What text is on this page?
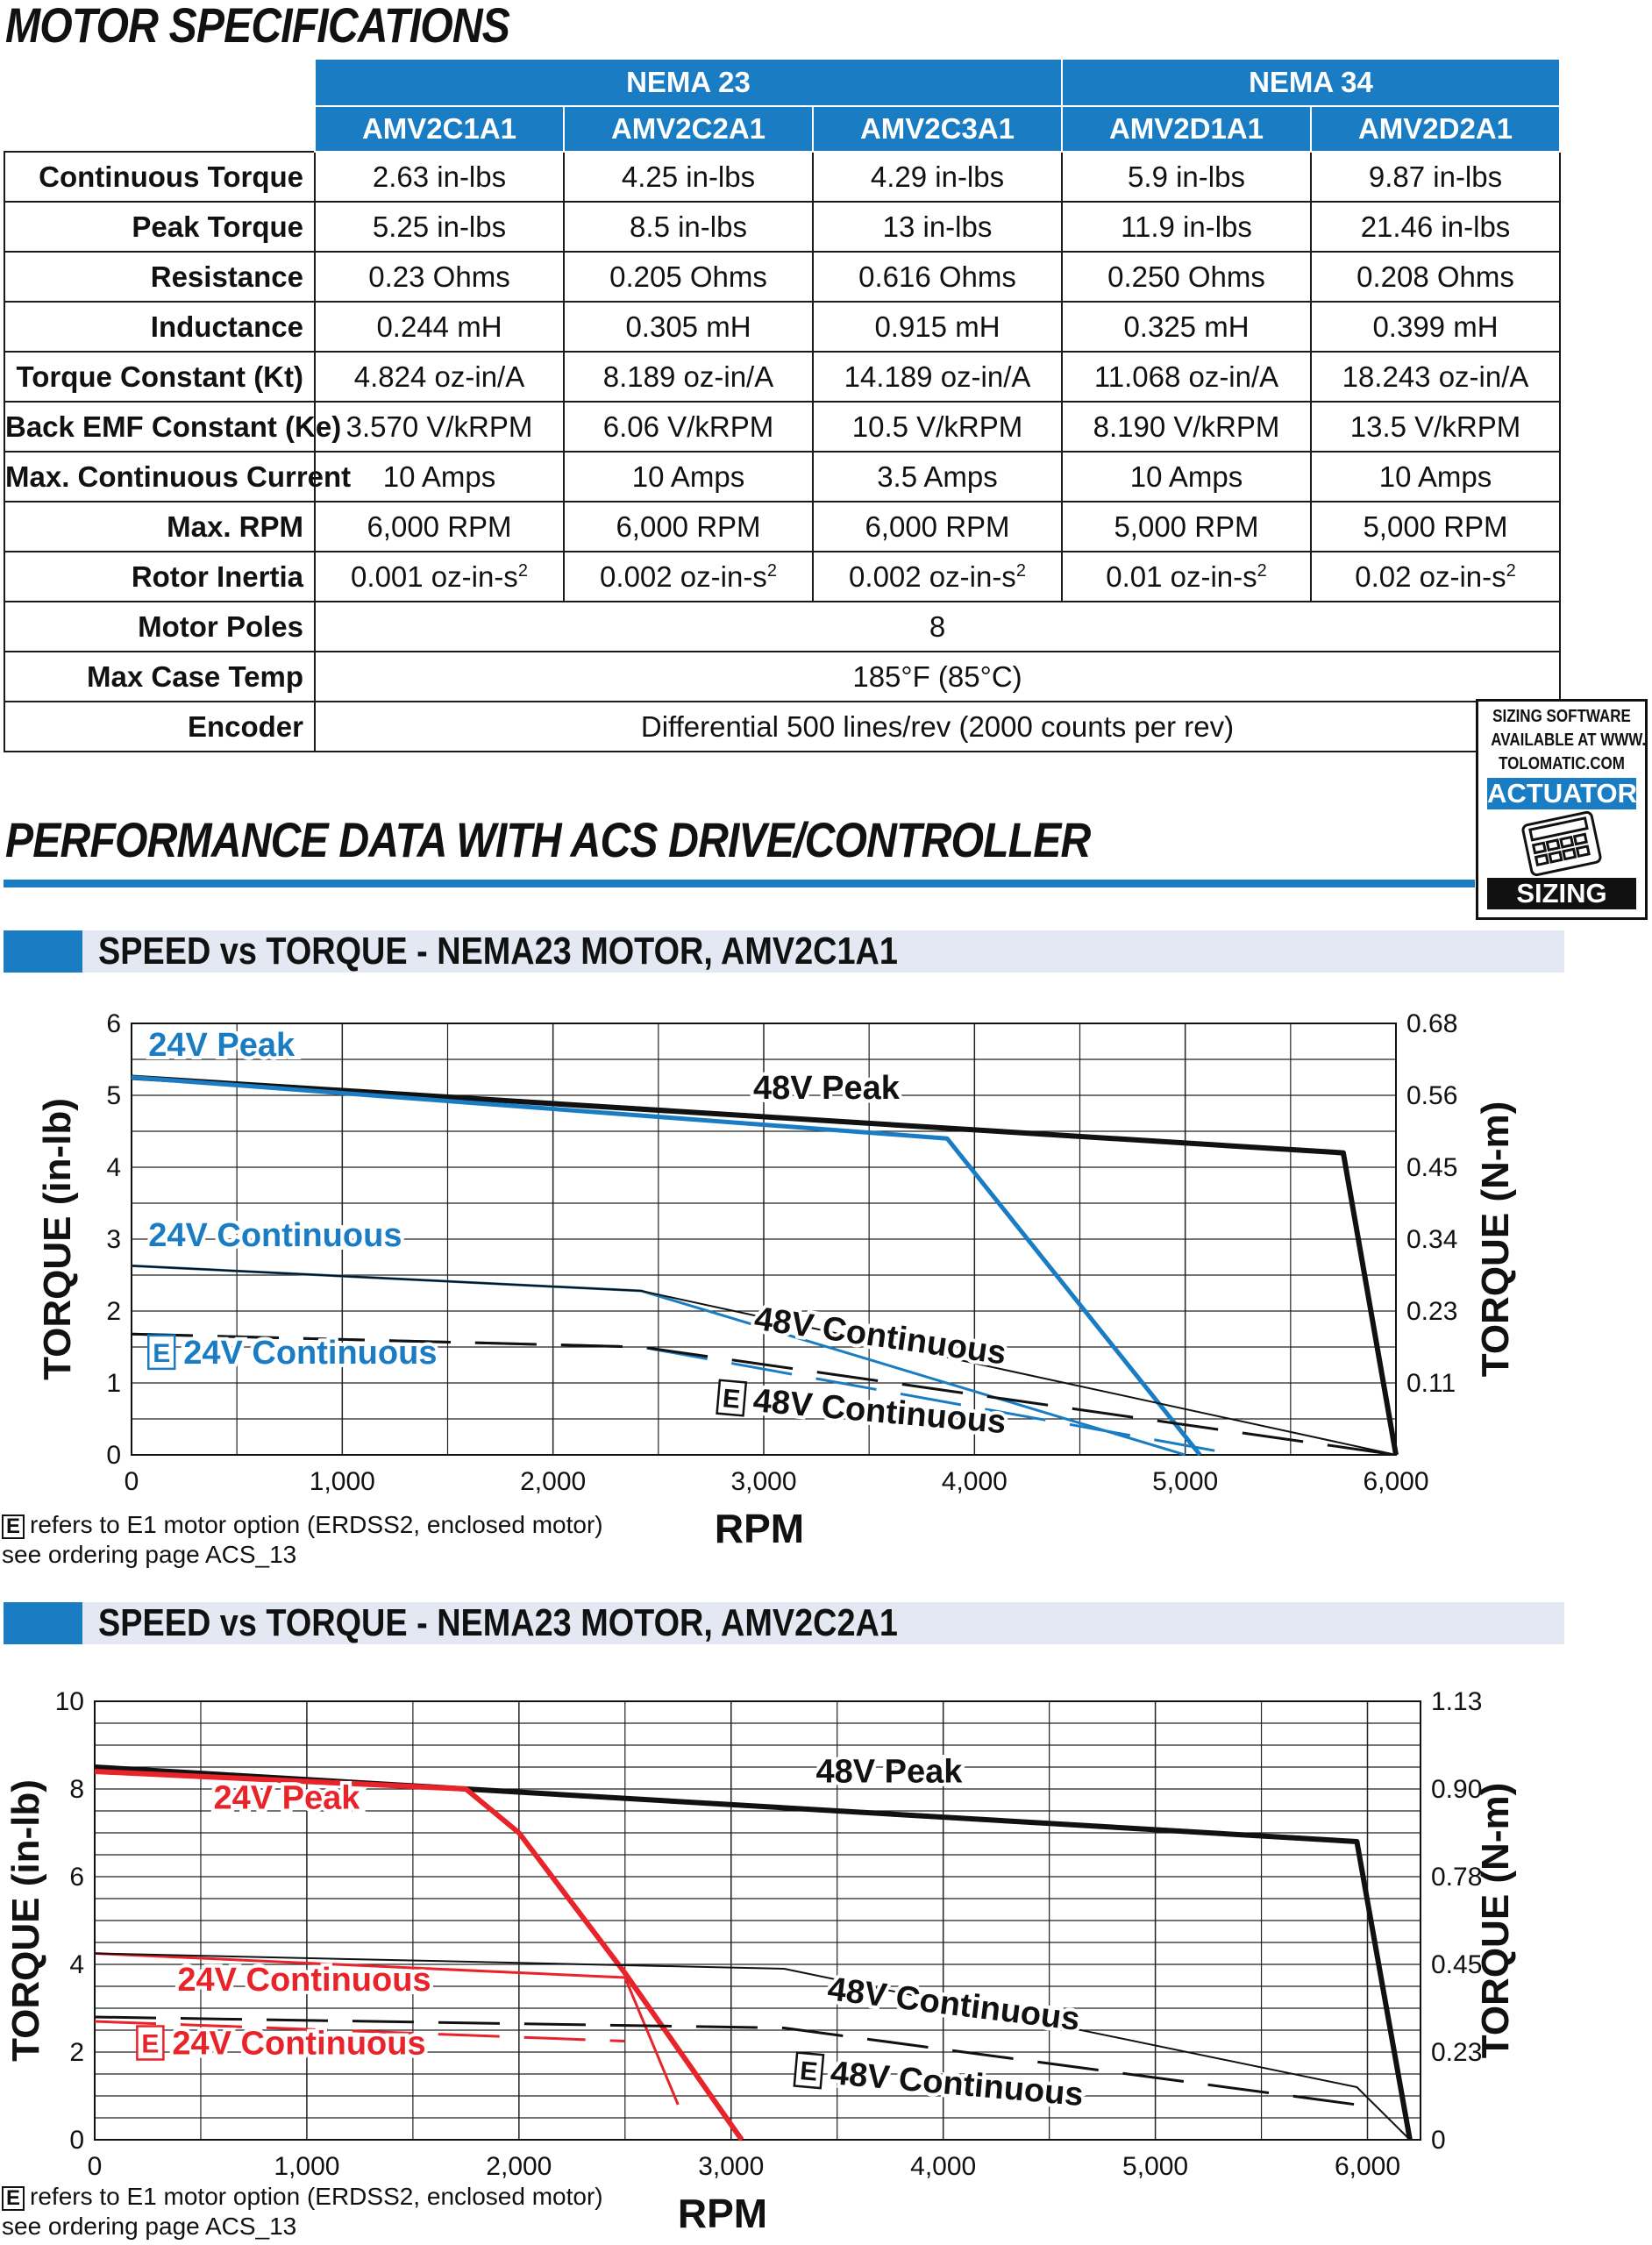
MOTOR SPECIFICATIONS
	NEMA 23			NEMA 34	
	AMV2C1A1	AMV2C2A1	AMV2C3A1	AMV2D1A1	AMV2D2A1
Continuous Torque	2.63 in-lbs	4.25 in-lbs	4.29 in-lbs	5.9 in-lbs	9.87 in-lbs
Peak Torque	5.25 in-lbs	8.5 in-lbs	13 in-lbs	11.9 in-lbs	21.46 in-lbs
Resistance	0.23 Ohms	0.205 Ohms	0.616 Ohms	0.250 Ohms	0.208 Ohms
Inductance	0.244 mH	0.305 mH	0.915 mH	0.325 mH	0.399 mH
Torque Constant (Kt)	4.824 oz-in/A	8.189 oz-in/A	14.189 oz-in/A	11.068 oz-in/A	18.243 oz-in/A
Back EMF Constant (Ke)	3.570 V/kRPM	6.06 V/kRPM	10.5 V/kRPM	8.190 V/kRPM	13.5 V/kRPM
Max. Continuous Current	10 Amps	10 Amps	3.5 Amps	10 Amps	10 Amps
Max. RPM	6,000 RPM	6,000 RPM	6,000 RPM	5,000 RPM	5,000 RPM
Rotor Inertia	0.001 $oz-in-s^2$	0.002 $oz-in-s^2$	0.002 $oz-in-s^2$	0.01 $oz-in-s^2$	0.02 $oz-in-s^2$
Motor Poles	8				
Max Case Temp	185°F (85°C)				
Encoder	Differential 500 lines/rev (2000 counts per rev)					SIZING SOFTWARE
AVAILABLE AT WWW.
TOLOMATIC.COM
ACTUATOR
SIZING
PERFORMANCE DATA WITH ACS DRIVE/CONTROLLER
SPEED vs TORQUE - NEMA23 MOTOR, AMV2C1A1
0	1,000	2,000	3,000	4,000	5,000	6,000
0
1
2
3
4
5
6
0.11
0.23
0.34
0.45
0.56
0.68
RPM
TORQUE (in-lb)	TORQUE (N-m)
24V Peak
48V Peak
24V Continuous
48V Continuous
E 24V Continuous
E 48V Continuous
E refers to E1 motor option (ERDSS2, enclosed motor)
see ordering page ACS_13
SPEED vs TORQUE - NEMA23 MOTOR, AMV2C2A1
0	1,000	2,000	3,000	4,000	5,000	6,000
0
2
4
6
8
10
0
0.23
0.45
0.78
0.90
1.13
RPM
TORQUE (in-lb)	TORQUE (N-m)
24V Peak
48V Peak
24V Continuous	48V Continuous
E 24V Continuous
E 48V Continuous
E refers to E1 motor option (ERDSS2, enclosed motor)
see ordering page ACS_13
